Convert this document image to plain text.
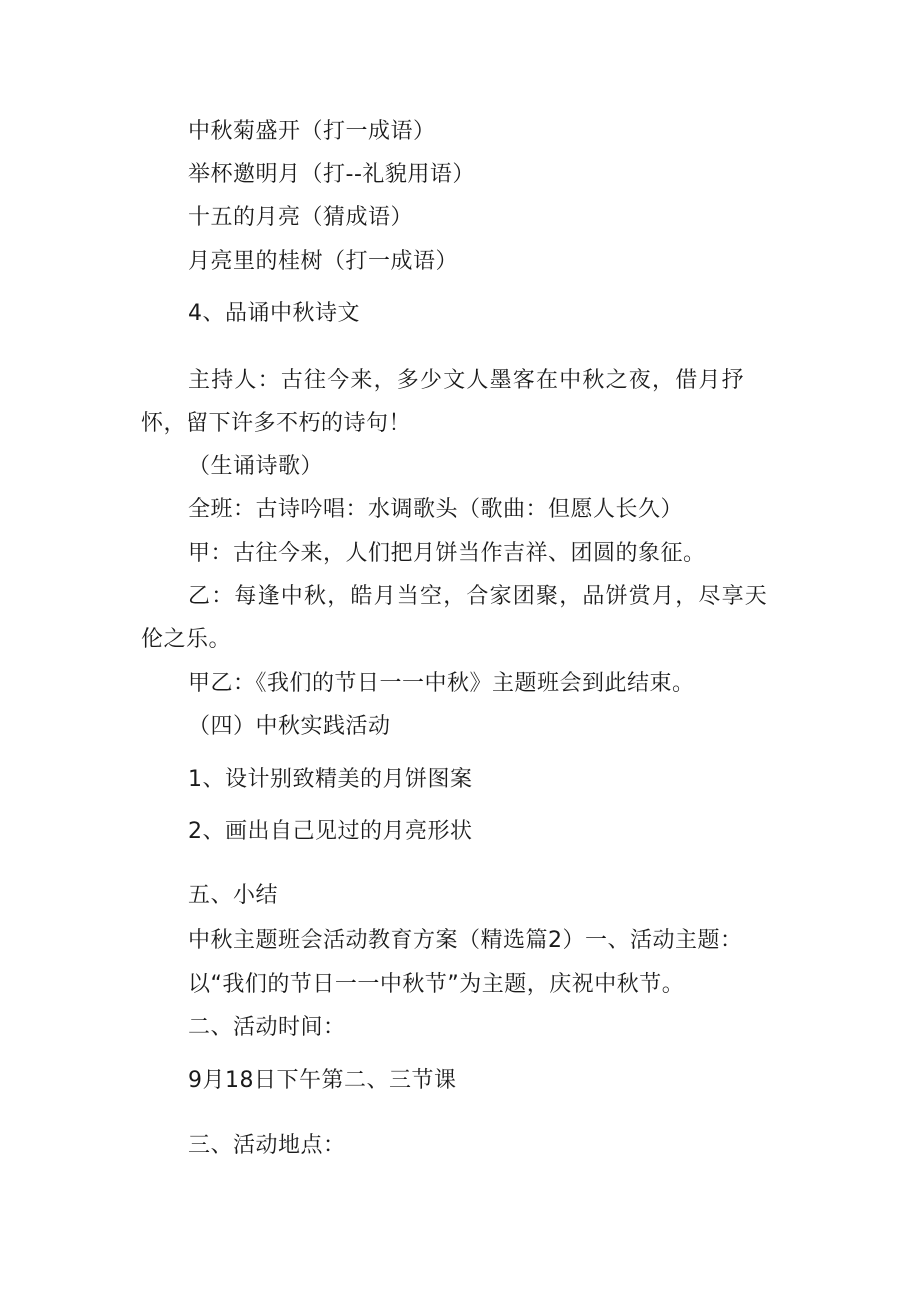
中秋菊盛开（打一成语）
举杯邀明月（打--礼貌用语）
十五的月亮（猜成语）
月亮里的桂树（打一成语）
4、品诵中秋诗文
主持人：古往今来，多少文人墨客在中秋之夜，借月抒
怀，留下许多不朽的诗句！
（生诵诗歌）
全班：古诗吟唱：水调歌头（歌曲：但愿人长久）
甲：古往今来，人们把月饼当作吉祥、团圆的象征。
乙：每逢中秋，皓月当空，合家团聚，品饼赏月，尽享天
伦之乐。
甲乙：《我们的节日一一中秋》主题班会到此结束。
（四）中秋实践活动
1、设计别致精美的月饼图案
2、画出自己见过的月亮形状
五、小结
中秋主题班会活动教育方案（精选篇2）一、活动主题：
以“我们的节日一一中秋节”为主题，庆祝中秋节。
二、活动时间：
9月18日下午第二、三节课
三、活动地点：
